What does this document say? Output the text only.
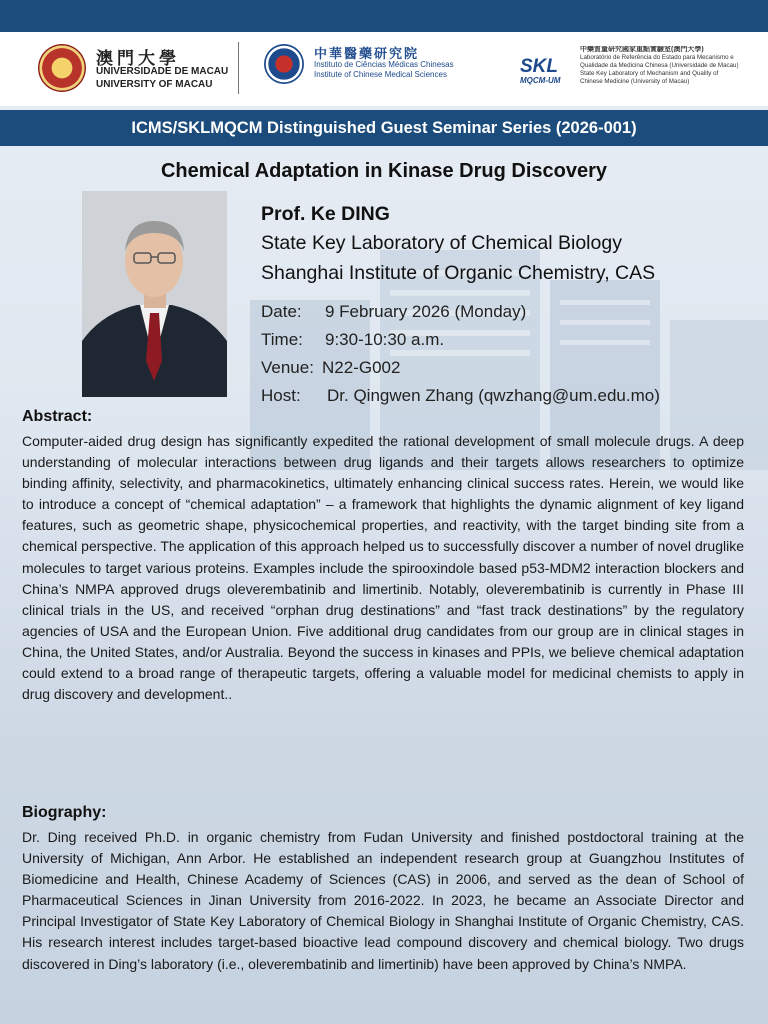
澳門大學
UNIVERSIDADE DE MACAU
UNIVERSITY OF MACAU
中華醫藥研究院
Instituto de Ciências Médicas Chinesas
Institute of Chinese Medical Sciences	SKL
MQCM-UM
中藥質量研究國家重點實驗室(澳門大學)
Laboratório de Referência do Estado para Mecanismo e
Qualidade da Medicina Chinesa (Universidade de Macau)
State Key Laboratory of Mechanism and Quality of
Chinese Medicine (University of Macau)
ICMS/SKLMQCM Distinguished Guest Seminar Series (2026-001)
Chemical Adaptation in Kinase Drug Discovery
Prof. Ke DING
State Key Laboratory of Chemical Biology
Shanghai Institute of Organic Chemistry, CAS
Date: 9 February 2026 (Monday)
Time: 9:30-10:30 a.m.
Venue: N22-G002
Host: Dr. Qingwen Zhang (qwzhang@um.edu.mo)
Abstract:
Computer-aided drug design has significantly expedited the rational development of small molecule drugs. A deep understanding of molecular interactions between drug ligands and their targets allows researchers to optimize binding affinity, selectivity, and pharmacokinetics, ultimately enhancing clinical success rates. Herein, we would like to introduce a concept of “chemical adaptation” – a framework that highlights the dynamic alignment of key ligand features, such as geometric shape, physicochemical properties, and reactivity, with the target binding site from a chemical perspective. The application of this approach helped us to successfully discover a number of novel druglike molecules to target various proteins. Examples include the spirooxindole based p53-MDM2 interaction blockers and China’s NMPA approved drugs oleverembatinib and limertinib. Notably, oleverembatinib is currently in Phase III clinical trials in the US, and received “orphan drug destinations” and “fast track destinations” by the regulatory agencies of USA and the European Union. Five additional drug candidates from our group are in clinical stages in China, the United States, and/or Australia. Beyond the success in kinases and PPIs, we believe chemical adaptation could extend to a broad range of therapeutic targets, offering a valuable model for medicinal chemists to apply in drug discovery and development..
Biography:
Dr. Ding received Ph.D. in organic chemistry from Fudan University and finished postdoctoral training at the University of Michigan, Ann Arbor. He established an independent research group at Guangzhou Institutes of Biomedicine and Health, Chinese Academy of Sciences (CAS) in 2006, and served as the dean of School of Pharmaceutical Sciences in Jinan University from 2016-2022. In 2023, he became an Associate Director and Principal Investigator of State Key Laboratory of Chemical Biology in Shanghai Institute of Organic Chemistry, CAS. His research interest includes target-based bioactive lead compound discovery and chemical biology. Two drugs discovered in Ding’s laboratory (i.e., oleverembatinib and limertinib) have been approved by China’s NMPA.
